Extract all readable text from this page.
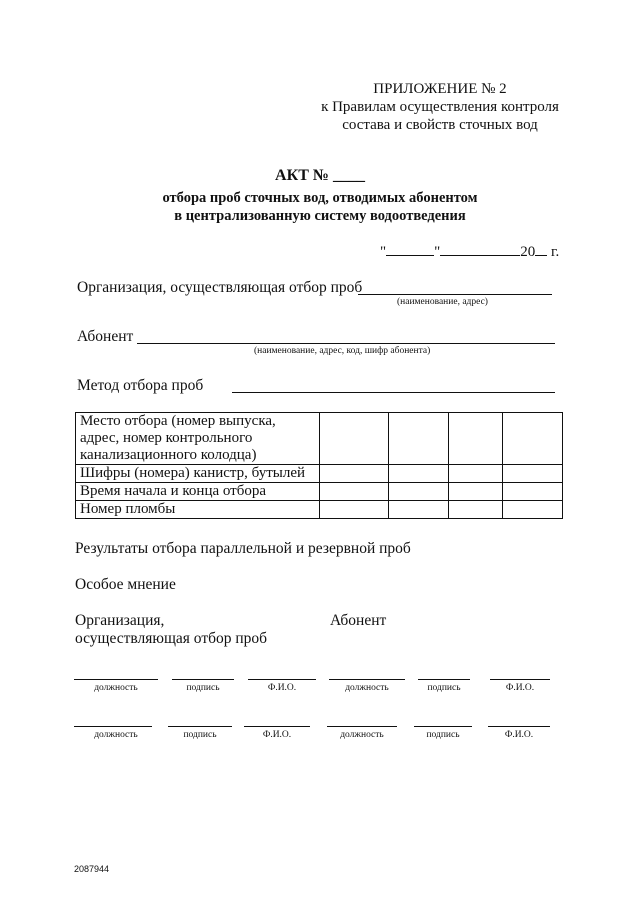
ПРИЛОЖЕНИЕ № 2
к Правилам осуществления контроля
состава и свойств сточных вод
АКТ № ____
отбора проб сточных вод, отводимых абонентом
в централизованную систему водоотведения
"	"	20 г.
Организация, осуществляющая отбор проб
(наименование, адрес)
Абонент
(наименование, адрес, код, шифр абонента)
Метод отбора проб
Место отбора (номер выпуска, адрес, номер контрольного канализационного колодца)				
Шифры (номера) канистр, бутылей				
Время начала и конца отбора				
Номер пломбы				
Результаты отбора параллельной и резервной проб
Особое мнение
Организация,
осуществляющая отбор проб
Абонент
должность	подпись	Ф.И.О.	должность	подпись	Ф.И.О.
должность	подпись	Ф.И.О.	должность	подпись	Ф.И.О.
2087944
